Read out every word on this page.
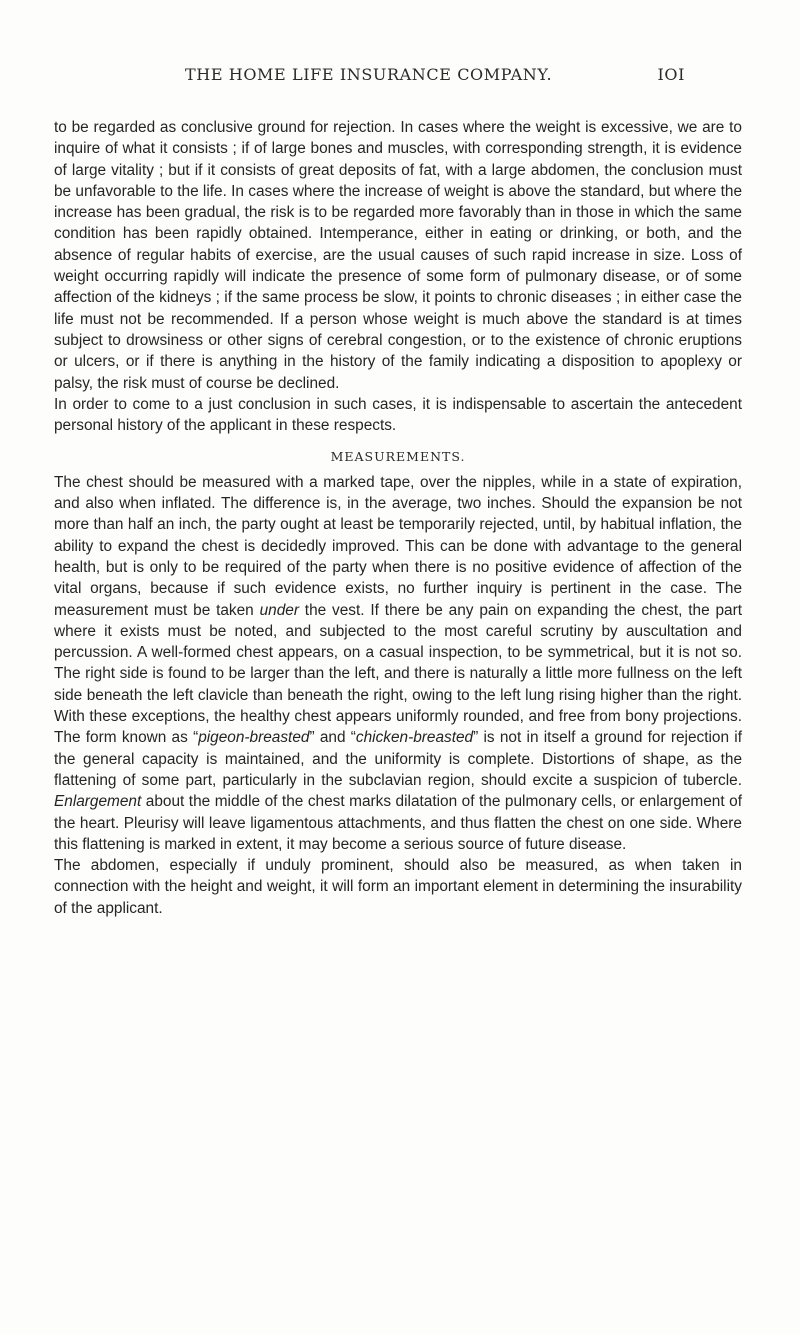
THE HOME LIFE INSURANCE COMPANY.	IOI

to be regarded as conclusive ground for rejection. In cases where the weight is excessive, we are to inquire of what it consists ; if of large bones and muscles, with corresponding strength, it is evidence of large vitality ; but if it consists of great deposits of fat, with a large abdomen, the conclusion must be unfavorable to the life. In cases where the increase of weight is above the standard, but where the increase has been gradual, the risk is to be regarded more favorably than in those in which the same condition has been rapidly obtained. Intemperance, either in eating or drinking, or both, and the absence of regular habits of exercise, are the usual causes of such rapid increase in size. Loss of weight occurring rapidly will indicate the presence of some form of pulmonary disease, or of some affection of the kidneys ; if the same process be slow, it points to chronic diseases ; in either case the life must not be recommended. If a person whose weight is much above the standard is at times subject to drowsiness or other signs of cerebral congestion, or to the existence of chronic eruptions or ulcers, or if there is anything in the history of the family indicating a disposition to apoplexy or palsy, the risk must of course be declined.

In order to come to a just conclusion in such cases, it is indispensable to ascertain the antecedent personal history of the applicant in these respects.

MEASUREMENTS.

The chest should be measured with a marked tape, over the nipples, while in a state of expiration, and also when inflated. The difference is, in the average, two inches. Should the expansion be not more than half an inch, the party ought at least be temporarily rejected, until, by habitual inflation, the ability to expand the chest is decidedly improved. This can be done with advantage to the general health, but is only to be required of the party when there is no positive evidence of affection of the vital organs, because if such evidence exists, no further inquiry is pertinent in the case. The measurement must be taken under the vest. If there be any pain on expanding the chest, the part where it exists must be noted, and subjected to the most careful scrutiny by auscultation and percussion. A well-formed chest appears, on a casual inspection, to be symmetrical, but it is not so. The right side is found to be larger than the left, and there is naturally a little more fullness on the left side beneath the left clavicle than beneath the right, owing to the left lung rising higher than the right. With these exceptions, the healthy chest appears uniformly rounded, and free from bony projections. The form known as “pigeon-breasted” and “chicken-breasted” is not in itself a ground for rejection if the general capacity is maintained, and the uniformity is complete. Distortions of shape, as the flattening of some part, particularly in the subclavian region, should excite a suspicion of tubercle. Enlargement about the middle of the chest marks dilatation of the pulmonary cells, or enlargement of the heart. Pleurisy will leave ligamentous attachments, and thus flatten the chest on one side. Where this flattening is marked in extent, it may become a serious source of future disease.

The abdomen, especially if unduly prominent, should also be measured, as when taken in connection with the height and weight, it will form an important element in determining the insurability of the applicant.
